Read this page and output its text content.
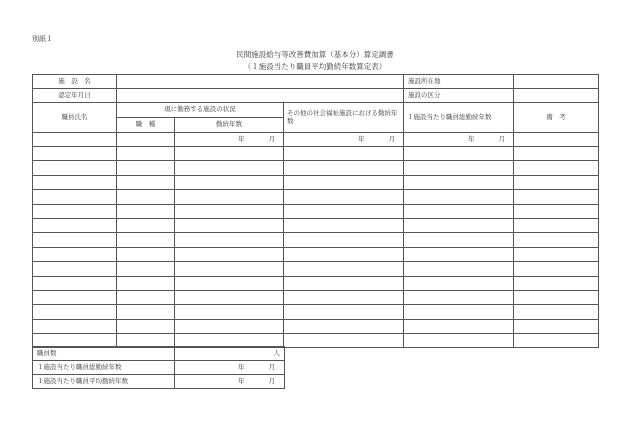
別紙１
民間施設給与等改善費加算（基本分）算定調書
（１施設当たり職員平均勤続年数算定表）
施　設　名				施設所在地	
認定年月日				施設の区分	
職員氏名	現に勤務する施設の状況		その他の社会福祉施設における勤続年数	１施設当たり職員総勤続年数	備　考
	職　種	勤続年数			
		年 月	年 月	年 月	

職員数	人
１施設当たり職員総勤続年数	年 月
１施設当たり職員平均勤続年数	年 月
